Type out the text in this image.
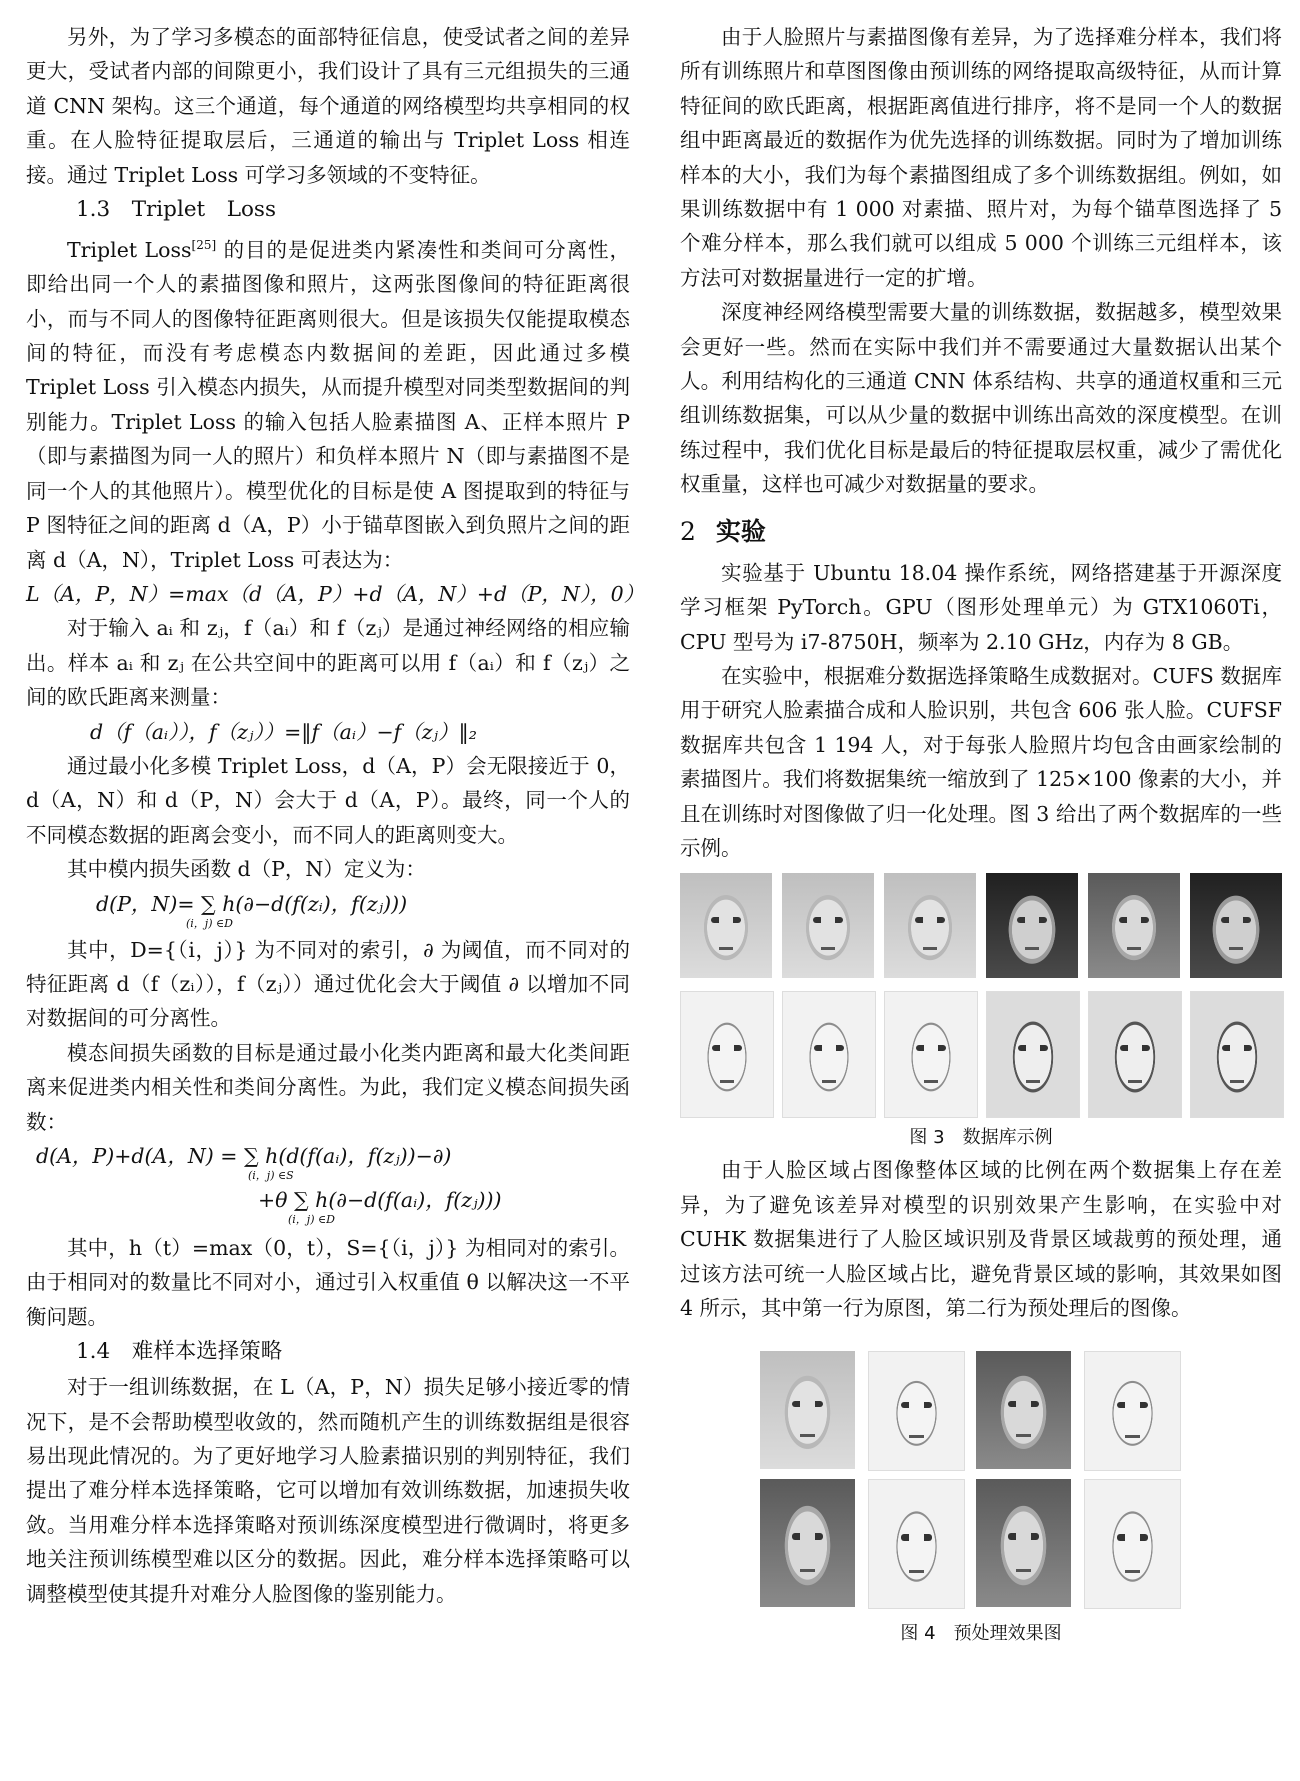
另外，为了学习多模态的面部特征信息，使受试者之间的差异更大，受试者内部的间隙更小，我们设计了具有三元组损失的三通道 CNN 架构。这三个通道，每个通道的网络模型均共享相同的权重。在人脸特征提取层后，三通道的输出与 Triplet Loss 相连接。通过 Triplet Loss 可学习多领域的不变特征。

1.3　Triplet　Loss

Triplet Loss[25] 的目的是促进类内紧凑性和类间可分离性，即给出同一个人的素描图像和照片，这两张图像间的特征距离很小，而与不同人的图像特征距离则很大。但是该损失仅能提取模态间的特征，而没有考虑模态内数据间的差距，因此通过多模 Triplet Loss 引入模态内损失，从而提升模型对同类型数据间的判别能力。Triplet Loss 的输入包括人脸素描图 A、正样本照片 P（即与素描图为同一人的照片）和负样本照片 N（即与素描图不是同一个人的其他照片）。模型优化的目标是使 A 图提取到的特征与 P 图特征之间的距离 d（A，P）小于锚草图嵌入到负照片之间的距离 d（A，N），Triplet Loss 可表达为：

L（A，P，N）=max（d（A，P）+d（A，N）+d（P，N），0）

对于输入 aᵢ 和 zⱼ，f（aᵢ）和 f（zⱼ）是通过神经网络的相应输出。样本 aᵢ 和 zⱼ 在公共空间中的距离可以用 f（aᵢ）和 f（zⱼ）之间的欧氏距离来测量：

d（f（aᵢ）），f（zⱼ））=‖f（aᵢ）−f（zⱼ）‖₂

通过最小化多模 Triplet Loss，d（A，P）会无限接近于 0，d（A，N）和 d（P，N）会大于 d（A，P）。最终，同一个人的不同模态数据的距离会变小，而不同人的距离则变大。

其中模内损失函数 d（P，N）定义为：

d(P，N)= ∑ h(∂−d(f(zᵢ)，f(zⱼ)))
(i，j) ∈D

其中，D={（i，j）} 为不同对的索引，∂ 为阈值，而不同对的特征距离 d（f（zᵢ）），f（zⱼ））通过优化会大于阈值 ∂ 以增加不同对数据间的可分离性。

模态间损失函数的目标是通过最小化类内距离和最大化类间距离来促进类内相关性和类间分离性。为此，我们定义模态间损失函数：

d(A，P)+d(A，N) = ∑ h(d(f(aᵢ)，f(zⱼ))−∂)
(i，j) ∈S
+θ ∑ h(∂−d(f(aᵢ)，f(zⱼ)))
(i，j) ∈D

其中，h（t）=max（0，t），S={（i，j）} 为相同对的索引。由于相同对的数量比不同对小，通过引入权重值 θ 以解决这一不平衡问题。

1.4　难样本选择策略

对于一组训练数据，在 L（A，P，N）损失足够小接近零的情况下，是不会帮助模型收敛的，然而随机产生的训练数据组是很容易出现此情况的。为了更好地学习人脸素描识别的判别特征，我们提出了难分样本选择策略，它可以增加有效训练数据，加速损失收敛。当用难分样本选择策略对预训练深度模型进行微调时，将更多地关注预训练模型难以区分的数据。因此，难分样本选择策略可以调整模型使其提升对难分人脸图像的鉴别能力。

由于人脸照片与素描图像有差异，为了选择难分样本，我们将所有训练照片和草图图像由预训练的网络提取高级特征，从而计算特征间的欧氏距离，根据距离值进行排序，将不是同一个人的数据组中距离最近的数据作为优先选择的训练数据。同时为了增加训练样本的大小，我们为每个素描图组成了多个训练数据组。例如，如果训练数据中有 1 000 对素描、照片对，为每个锚草图选择了 5 个难分样本，那么我们就可以组成 5 000 个训练三元组样本，该方法可对数据量进行一定的扩增。

深度神经网络模型需要大量的训练数据，数据越多，模型效果会更好一些。然而在实际中我们并不需要通过大量数据认出某个人。利用结构化的三通道 CNN 体系结构、共享的通道权重和三元组训练数据集，可以从少量的数据中训练出高效的深度模型。在训练过程中，我们优化目标是最后的特征提取层权重，减少了需优化权重量，这样也可减少对数据量的要求。

2 实验

实验基于 Ubuntu 18.04 操作系统，网络搭建基于开源深度学习框架 PyTorch。GPU（图形处理单元）为 GTX1060Ti，CPU 型号为 i7-8750H，频率为 2.10 GHz，内存为 8 GB。

在实验中，根据难分数据选择策略生成数据对。CUFS 数据库用于研究人脸素描合成和人脸识别，共包含 606 张人脸。CUFSF 数据库共包含 1 194 人，对于每张人脸照片均包含由画家绘制的素描图片。我们将数据集统一缩放到了 125×100 像素的大小，并且在训练时对图像做了归一化处理。图 3 给出了两个数据库的一些示例。

图 3　数据库示例

由于人脸区域占图像整体区域的比例在两个数据集上存在差异，为了避免该差异对模型的识别效果产生影响，在实验中对 CUHK 数据集进行了人脸区域识别及背景区域裁剪的预处理，通过该方法可统一人脸区域占比，避免背景区域的影响，其效果如图 4 所示，其中第一行为原图，第二行为预处理后的图像。

图 4　预处理效果图
